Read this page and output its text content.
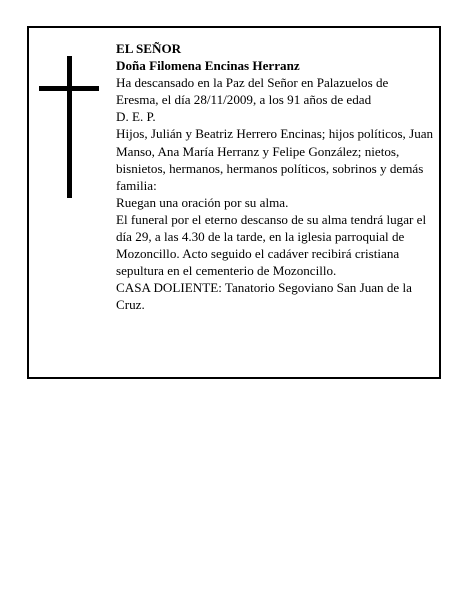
EL SEÑOR

Doña Filomena Encinas Herranz

Ha descansado en la Paz del Señor en Palazuelos de Eresma, el día 28/11/2009, a los 91 años de edad

D. E. P.

Hijos, Julián y Beatriz Herrero Encinas; hijos políticos, Juan Manso, Ana María Herranz y Felipe González; nietos, bisnietos, hermanos, hermanos políticos, sobrinos y demás familia:

Ruegan una oración por su alma.

El funeral por el eterno descanso de su alma tendrá lugar el día 29, a las 4.30 de la tarde, en la iglesia parroquial de Mozoncillo. Acto seguido el cadáver recibirá cristiana sepultura en el cementerio de Mozoncillo.

CASA DOLIENTE: Tanatorio Segoviano San Juan de la Cruz.
